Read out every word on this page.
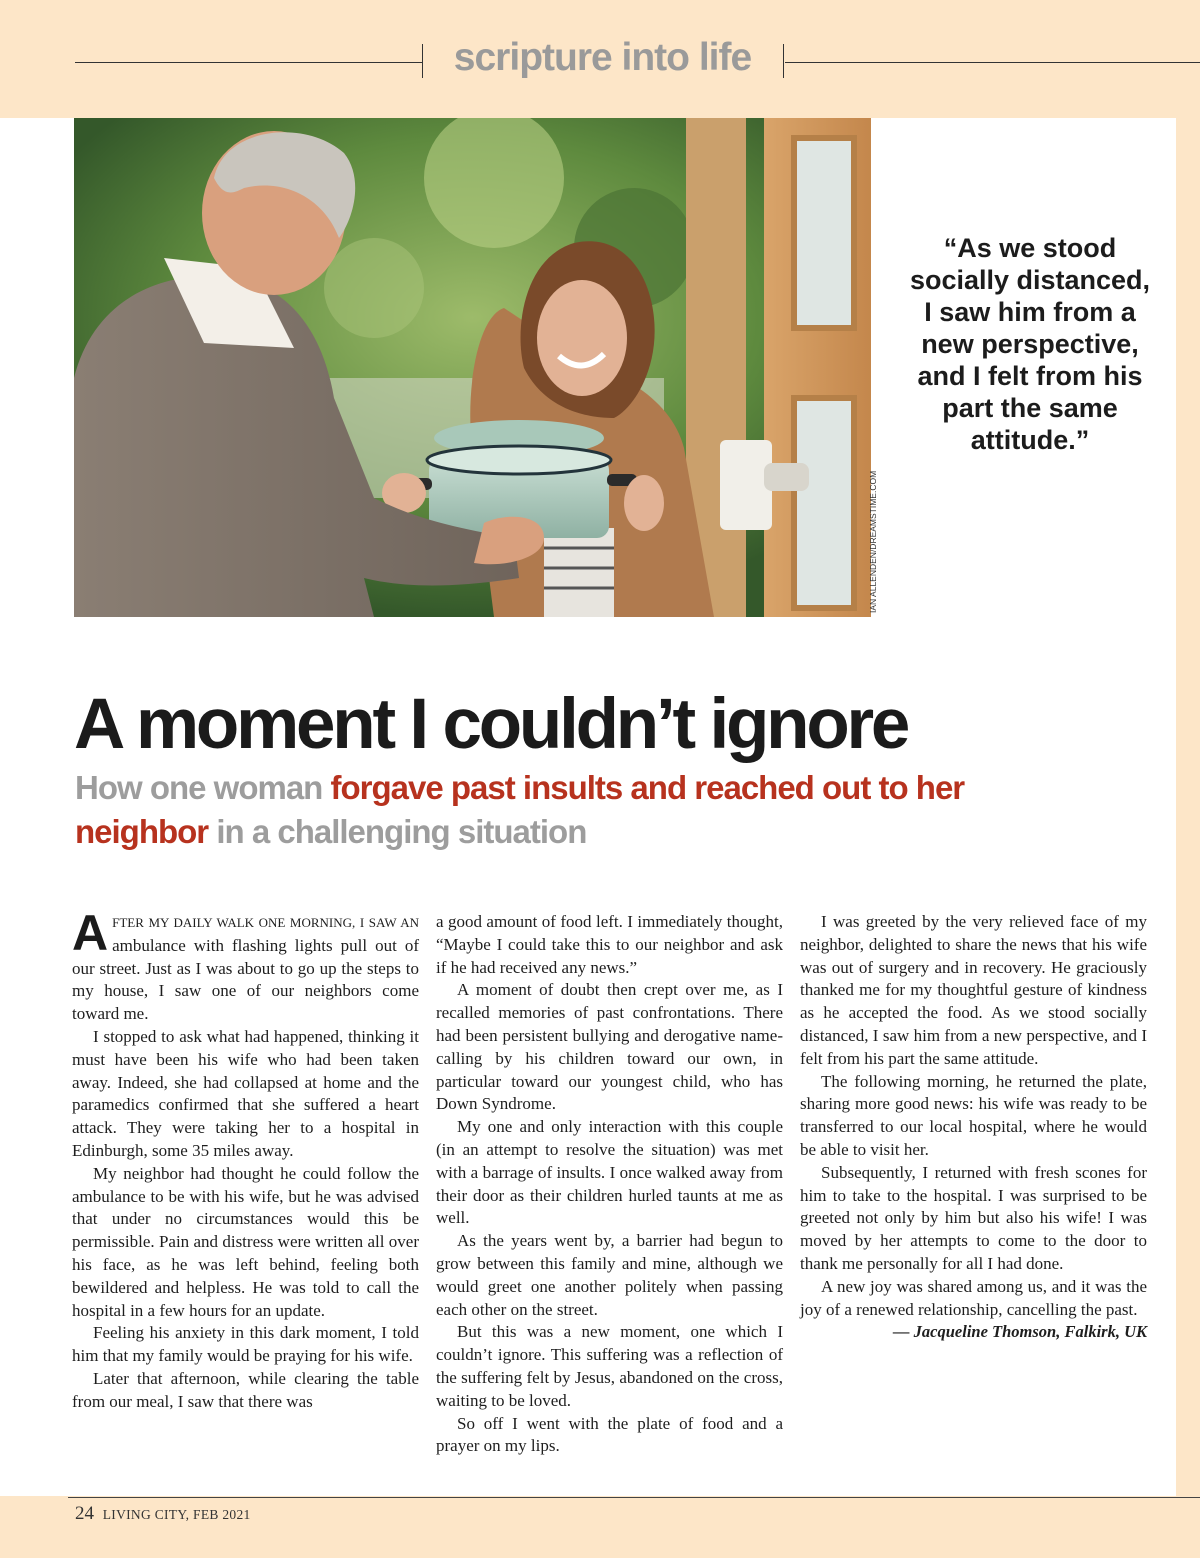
scripture into life
IAN ALLENDEN/DREAMSTIME.COM
“As we stood socially distanced, I saw him from a new perspective, and I felt from his part the same attitude.”
A moment I couldn’t ignore
How one woman forgave past insults and reached out to her neighbor in a challenging situation

AFTER MY DAILY WALK ONE MORNING, I SAW AN ambulance with flashing lights pull out of our street. Just as I was about to go up the steps to my house, I saw one of our neighbors come toward me.

I stopped to ask what had happened, thinking it must have been his wife who had been taken away. Indeed, she had collapsed at home and the paramedics confirmed that she suffered a heart attack. They were taking her to a hospital in Edinburgh, some 35 miles away.

My neighbor had thought he could follow the ambulance to be with his wife, but he was advised that under no circumstances would this be permissible. Pain and distress were written all over his face, as he was left behind, feeling both bewildered and helpless. He was told to call the hospital in a few hours for an update.

Feeling his anxiety in this dark moment, I told him that my family would be praying for his wife.

Later that afternoon, while clearing the table from our meal, I saw that there was

a good amount of food left. I immediately thought, “Maybe I could take this to our neighbor and ask if he had received any news.”

A moment of doubt then crept over me, as I recalled memories of past confrontations. There had been persistent bullying and derogative name-calling by his children toward our own, in particular toward our youngest child, who has Down Syndrome.

My one and only interaction with this couple (in an attempt to resolve the situation) was met with a barrage of insults. I once walked away from their door as their children hurled taunts at me as well.

As the years went by, a barrier had begun to grow between this family and mine, although we would greet one another politely when passing each other on the street.

But this was a new moment, one which I couldn’t ignore. This suffering was a reflection of the suffering felt by Jesus, abandoned on the cross, waiting to be loved.

So off I went with the plate of food and a prayer on my lips.

I was greeted by the very relieved face of my neighbor, delighted to share the news that his wife was out of surgery and in recovery. He graciously thanked me for my thoughtful gesture of kindness as he accepted the food. As we stood socially distanced, I saw him from a new perspective, and I felt from his part the same attitude.

The following morning, he returned the plate, sharing more good news: his wife was ready to be transferred to our local hospital, where he would be able to visit her.

Subsequently, I returned with fresh scones for him to take to the hospital. I was surprised to be greeted not only by him but also his wife! I was moved by her attempts to come to the door to thank me personally for all I had done.

A new joy was shared among us, and it was the joy of a renewed relationship, cancelling the past.

— Jacqueline Thomson, Falkirk, UK

24 LIVING CITY, FEB 2021
